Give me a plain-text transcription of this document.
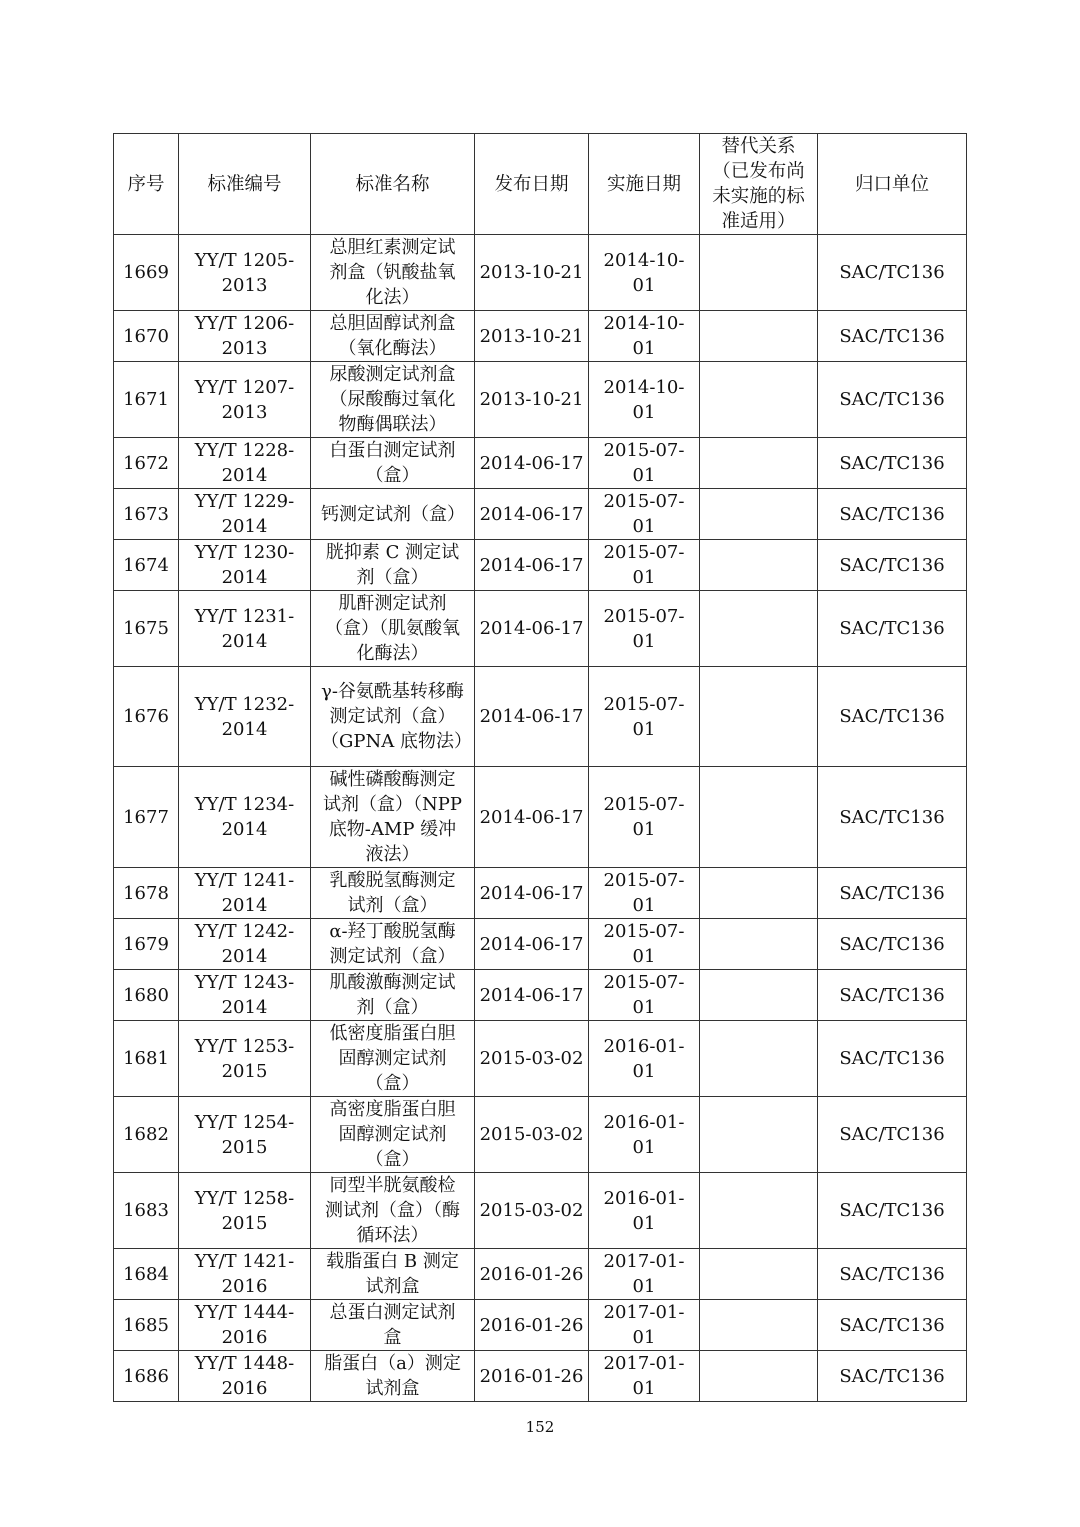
序号	标准编号	标准名称	发布日期	实施日期	替代关系（已发布尚未实施的标准适用）	归口单位
1669	YY/T 1205-2013	总胆红素测定试剂盒（钒酸盐氧化法）	2013-10-21	2014-10-01		SAC/TC136
1670	YY/T 1206-2013	总胆固醇试剂盒（氧化酶法）	2013-10-21	2014-10-01		SAC/TC136
1671	YY/T 1207-2013	尿酸测定试剂盒（尿酸酶过氧化物酶偶联法）	2013-10-21	2014-10-01		SAC/TC136
1672	YY/T 1228-2014	白蛋白测定试剂（盒）	2014-06-17	2015-07-01		SAC/TC136
1673	YY/T 1229-2014	钙测定试剂（盒）	2014-06-17	2015-07-01		SAC/TC136
1674	YY/T 1230-2014	胱抑素 C 测定试剂（盒）	2014-06-17	2015-07-01		SAC/TC136
1675	YY/T 1231-2014	肌酐测定试剂（盒）（肌氨酸氧化酶法）	2014-06-17	2015-07-01		SAC/TC136
1676	YY/T 1232-2014	γ-谷氨酰基转移酶测定试剂（盒）（GPNA 底物法）	2014-06-17	2015-07-01		SAC/TC136
1677	YY/T 1234-2014	碱性磷酸酶测定试剂（盒）（NPP 底物-AMP 缓冲液法）	2014-06-17	2015-07-01		SAC/TC136
1678	YY/T 1241-2014	乳酸脱氢酶测定试剂（盒）	2014-06-17	2015-07-01		SAC/TC136
1679	YY/T 1242-2014	α-羟丁酸脱氢酶测定试剂（盒）	2014-06-17	2015-07-01		SAC/TC136
1680	YY/T 1243-2014	肌酸激酶测定试剂（盒）	2014-06-17	2015-07-01		SAC/TC136
1681	YY/T 1253-2015	低密度脂蛋白胆固醇测定试剂（盒）	2015-03-02	2016-01-01		SAC/TC136
1682	YY/T 1254-2015	高密度脂蛋白胆固醇测定试剂（盒）	2015-03-02	2016-01-01		SAC/TC136
1683	YY/T 1258-2015	同型半胱氨酸检测试剂（盒）（酶循环法）	2015-03-02	2016-01-01		SAC/TC136
1684	YY/T 1421-2016	载脂蛋白 B 测定试剂盒	2016-01-26	2017-01-01		SAC/TC136
1685	YY/T 1444-2016	总蛋白测定试剂盒	2016-01-26	2017-01-01		SAC/TC136
1686	YY/T 1448-2016	脂蛋白（a）测定试剂盒	2016-01-26	2017-01-01		SAC/TC136
152
